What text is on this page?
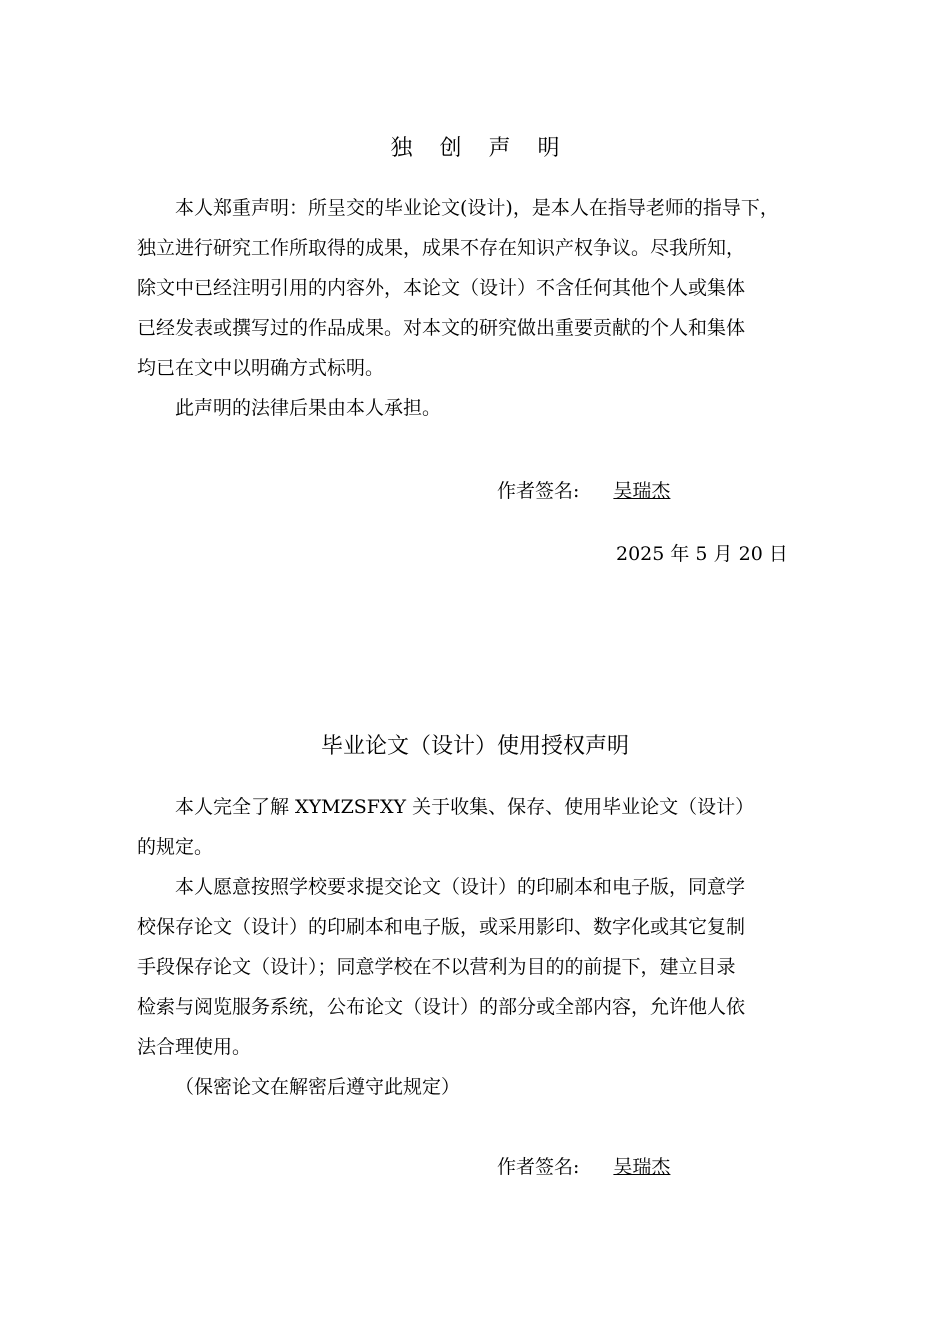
独 创 声 明
本人郑重声明：所呈交的毕业论文(设计)，是本人在指导老师的指导下，
独立进行研究工作所取得的成果，成果不存在知识产权争议。尽我所知，
除文中已经注明引用的内容外，本论文（设计）不含任何其他个人或集体
已经发表或撰写过的作品成果。对本文的研究做出重要贡献的个人和集体
均已在文中以明确方式标明。
此声明的法律后果由本人承担。
作者签名: 吴瑞杰
2025 年 5 月 20 日
毕业论文（设计）使用授权声明
本人完全了解 XYMZSFXY 关于收集、保存、使用毕业论文（设计）
的规定。
本人愿意按照学校要求提交论文（设计）的印刷本和电子版，同意学
校保存论文（设计）的印刷本和电子版，或采用影印、数字化或其它复制
手段保存论文（设计）；同意学校在不以营利为目的的前提下，建立目录
检索与阅览服务系统，公布论文（设计）的部分或全部内容，允许他人依
法合理使用。
（保密论文在解密后遵守此规定）
作者签名: 吴瑞杰
